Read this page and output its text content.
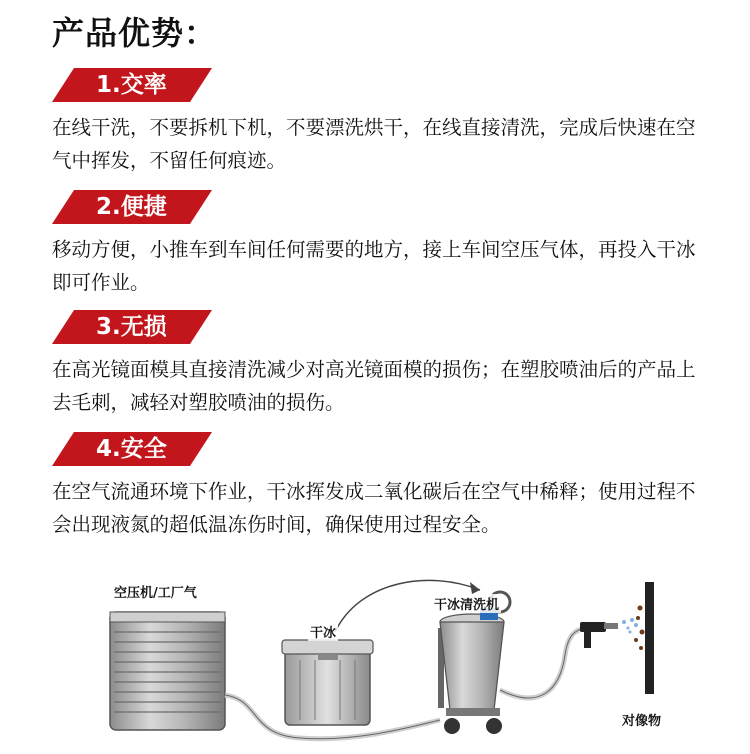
产品优势：
1.交率
在线干洗，不要拆机下机，不要漂洗烘干，在线直接清洗，完成后快速在空气中挥发，不留任何痕迹。
2.便捷
移动方便，小推车到车间任何需要的地方，接上车间空压气体，再投入干冰即可作业。
3.无损
在高光镜面模具直接清洗减少对高光镜面模的损伤；在塑胶喷油后的产品上去毛刺，减轻对塑胶喷油的损伤。
4.安全
在空气流通环境下作业，干冰挥发成二氧化碳后在空气中稀释；使用过程不会出现液氮的超低温冻伤时间，确保使用过程安全。
空压机/工厂气
干冰
干冰清洗机
对像物
